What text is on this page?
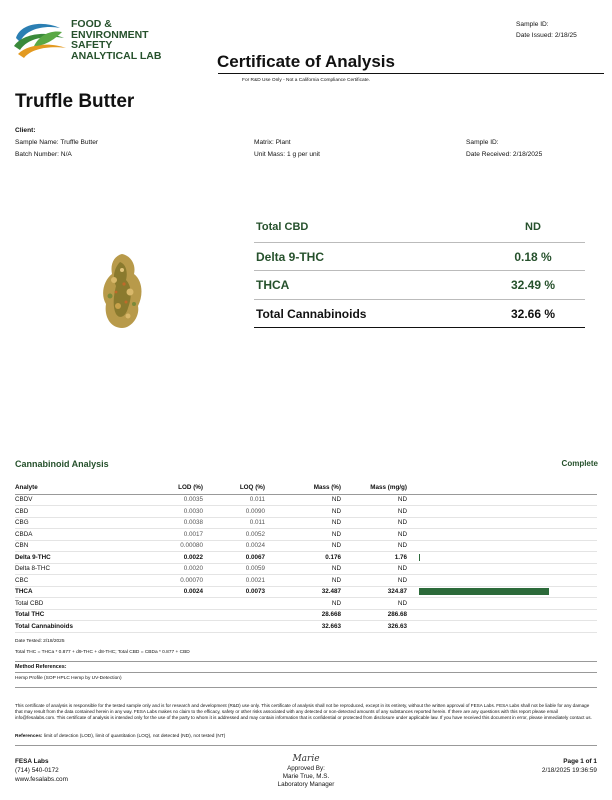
FOOD &
ENVIRONMENT
SAFETY
ANALYTICAL LAB
Sample ID:
Date Issued: 2/18/25
Certificate of Analysis
For R&D Use Only - Not a California Compliance Certificate.
Truffle Butter
Client:
Sample Name: Truffle Butter
Batch Number: N/A
Matrix: Plant
Unit Mass: 1 g per unit
Sample ID:
Date Received: 2/18/2025
Total CBD	ND
Delta 9-THC	0.18 %
THCA	32.49 %
Total Cannabinoids	32.66 %
Cannabinoid Analysis	Complete
Analyte	LOD (%)	LOQ (%)	Mass (%)	Mass (mg/g)	
CBDV	0.0035	0.011	ND	ND	
CBD	0.0030	0.0090	ND	ND	
CBG	0.0038	0.011	ND	ND	
CBDA	0.0017	0.0052	ND	ND	
CBN	0.00080	0.0024	ND	ND	
Delta 9-THC	0.0022	0.0067	0.176	1.76	

Delta 8-THC	0.0020	0.0059	ND	ND	
CBC	0.00070	0.0021	ND	ND	
THCA	0.0024	0.0073	32.487	324.87	

Total CBD			ND	ND	
Total THC			28.668	286.68	
Total Cannabinoids			32.663	326.63	
Date Tested: 2/18/2025
Total THC = THCa * 0.877 + d9-THC + d8-THC; Total CBD = CBDa * 0.877 + CBD
Method References:
Hemp Profile (SOP HPLC Hemp by UV-Detection)
This certificate of analysis is responsible for the tested sample only and is for research and development (R&D) use only. This certificate of analysis shall not be reproduced, except in its entirety, without the written approval of FESA Labs. FESA Labs shall not be liable for any damage that may result from the data contained herein in any way. FESA Labs makes no claim to the efficacy, safety or other risks associated with any detected or non-detected amounts of any substances reported herein. If there are any questions with this report please email info@fesalabs.com. This certificate of analysis is intended only for the use of the party to whom it is addressed and may contain information that is confidential or protected from disclosure under applicable law. If you have received this document in error, please immediately contact us.
References: limit of detection (LOD), limit of quantitation (LOQ), not detected (ND), not tested (NT)
FESA Labs
(714) 540-0172
www.fesalabs.com
Marie
Approved By:
Marie True, M.S.
Laboratory Manager
Page 1 of 1
2/18/2025 19:36:59
